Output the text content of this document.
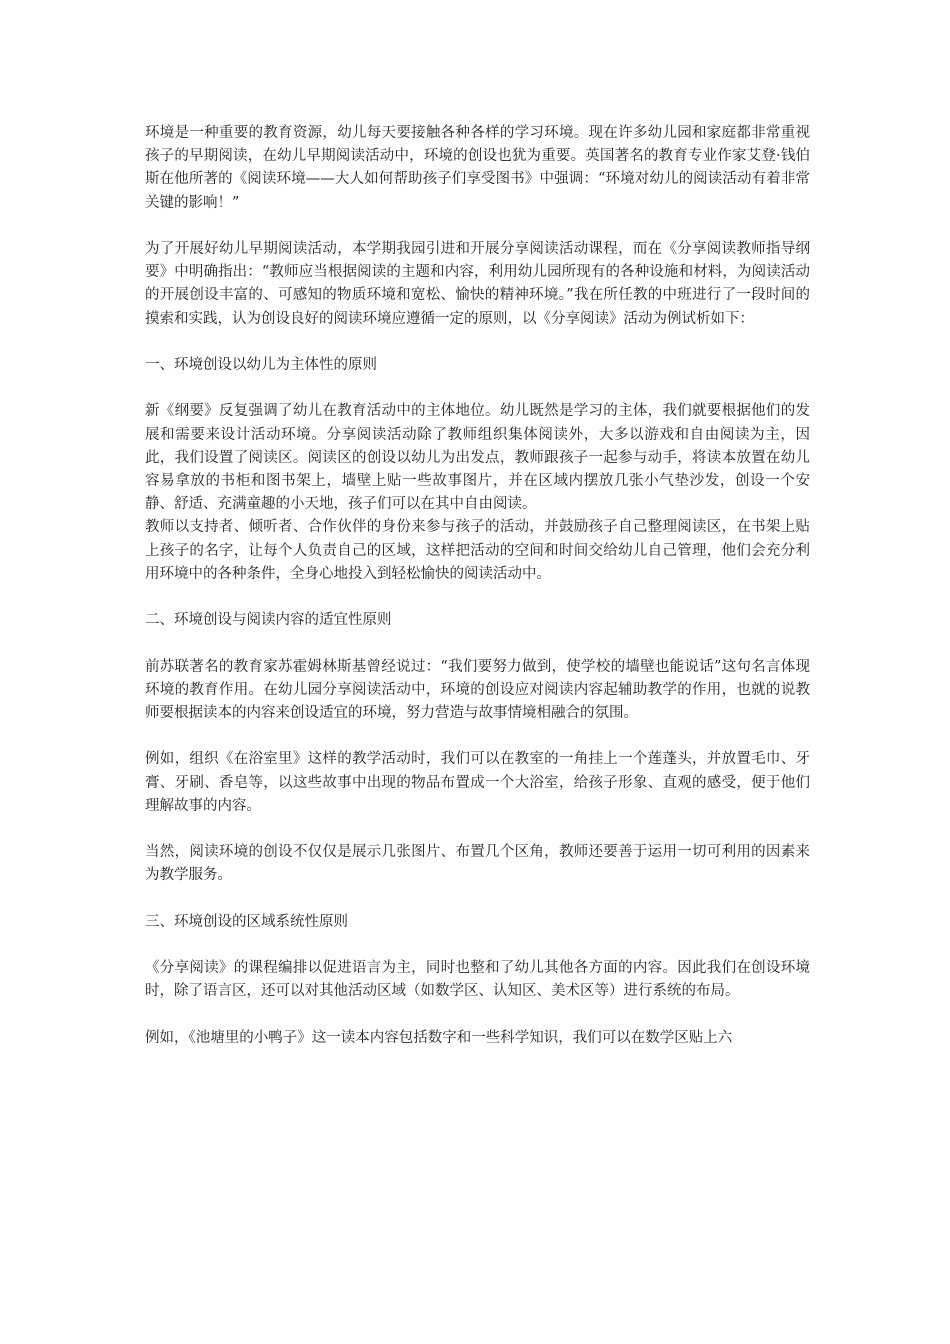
环境是一种重要的教育资源，幼儿每天要接触各种各样的学习环境。现在许多幼儿园和家庭都非常重视孩子的早期阅读，在幼儿早期阅读活动中，环境的创设也犹为重要。英国著名的教育专业作家艾登·钱伯斯在他所著的《阅读环境——大人如何帮助孩子们享受图书》中强调：“环境对幼儿的阅读活动有着非常关键的影响！”

为了开展好幼儿早期阅读活动，本学期我园引进和开展分享阅读活动课程，而在《分享阅读教师指导纲要》中明确指出：“教师应当根据阅读的主题和内容，利用幼儿园所现有的各种设施和材料，为阅读活动的开展创设丰富的、可感知的物质环境和宽松、愉快的精神环境。”我在所任教的中班进行了一段时间的摸索和实践，认为创设良好的阅读环境应遵循一定的原则，以《分享阅读》活动为例试析如下：

一、环境创设以幼儿为主体性的原则

新《纲要》反复强调了幼儿在教育活动中的主体地位。幼儿既然是学习的主体，我们就要根据他们的发展和需要来设计活动环境。分享阅读活动除了教师组织集体阅读外，大多以游戏和自由阅读为主，因此，我们设置了阅读区。阅读区的创设以幼儿为出发点，教师跟孩子一起参与动手，将读本放置在幼儿容易拿放的书柜和图书架上，墙壁上贴一些故事图片，并在区域内摆放几张小气垫沙发，创设一个安静、舒适、充满童趣的小天地，孩子们可以在其中自由阅读。

教师以支持者、倾听者、合作伙伴的身份来参与孩子的活动，并鼓励孩子自己整理阅读区，在书架上贴上孩子的名字，让每个人负责自己的区域，这样把活动的空间和时间交给幼儿自己管理，他们会充分利用环境中的各种条件，全身心地投入到轻松愉快的阅读活动中。

二、环境创设与阅读内容的适宜性原则

前苏联著名的教育家苏霍姆林斯基曾经说过：“我们要努力做到，使学校的墙壁也能说话”这句名言体现环境的教育作用。在幼儿园分享阅读活动中，环境的创设应对阅读内容起辅助教学的作用，也就的说教师要根据读本的内容来创设适宜的环境，努力营造与故事情境相融合的氛围。

例如，组织《在浴室里》这样的教学活动时，我们可以在教室的一角挂上一个莲蓬头，并放置毛巾、牙膏、牙刷、香皂等，以这些故事中出现的物品布置成一个大浴室，给孩子形象、直观的感受，便于他们理解故事的内容。

当然，阅读环境的创设不仅仅是展示几张图片、布置几个区角，教师还要善于运用一切可利用的因素来为教学服务。

三、环境创设的区域系统性原则

《分享阅读》的课程编排以促进语言为主，同时也整和了幼儿其他各方面的内容。因此我们在创设环境时，除了语言区，还可以对其他活动区域（如数学区、认知区、美术区等）进行系统的布局。

例如，《池塘里的小鸭子》这一读本内容包括数字和一些科学知识，我们可以在数学区贴上六
